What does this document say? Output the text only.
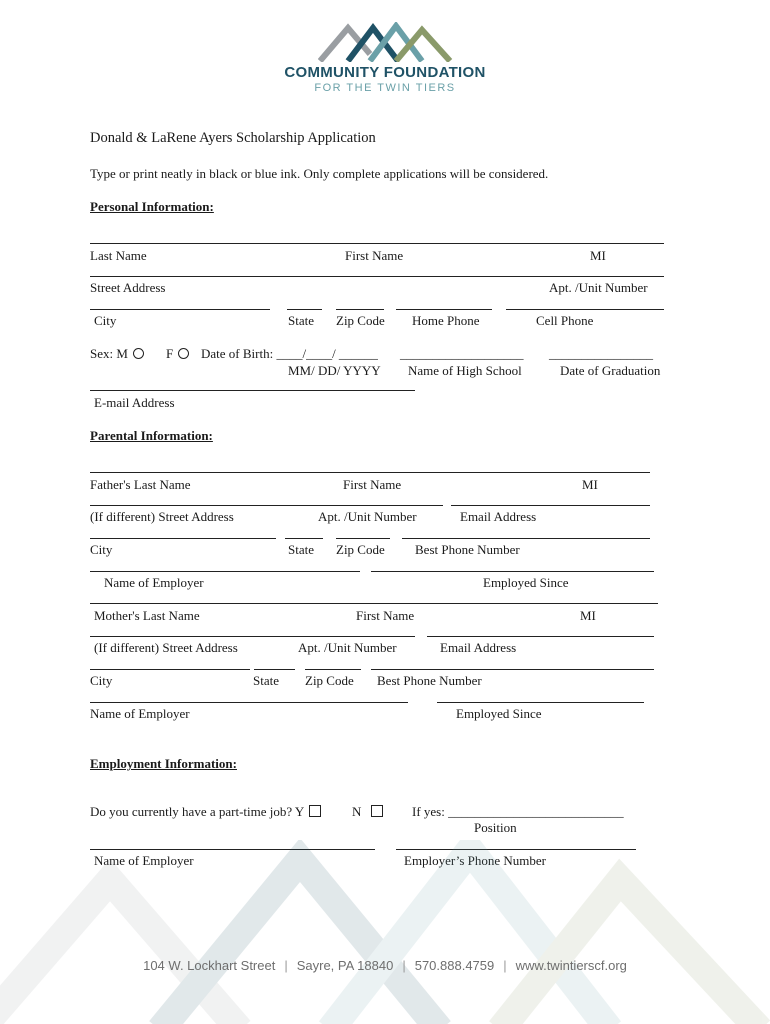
COMMUNITY FOUNDATION
FOR THE TWIN TIERS
Donald & LaRene Ayers Scholarship Application
Type or print neatly in black or blue ink. Only complete applications will be considered.
Personal Information:
Last Name	First Name	MI
Street Address	Apt. /Unit Number
City	State Zip Code Home Phone	Cell Phone
Sex: M	F	Date of Birth: ____/____/ ______ ___________________ ________________
MM/ DD/ YYYY Name of High School	Date of Graduation
E-mail Address
Parental Information:
Father's Last Name	First Name	MI
(If different) Street Address	Apt. /Unit Number	Email Address
City	State Zip Code Best Phone Number
Name of Employer	Employed Since
Mother's Last Name	First Name	MI
(If different) Street Address	Apt. /Unit Number	Email Address
City	State Zip Code Best Phone Number
Name of Employer	Employed Since
Employment Information:
Do you currently have a part-time job? Y	N	If yes: ___________________________
Position
Name of Employer	Employer’s Phone Number
104 W. Lockhart Street | Sayre, PA 18840 | 570.888.4759 | www.twintierscf.org
